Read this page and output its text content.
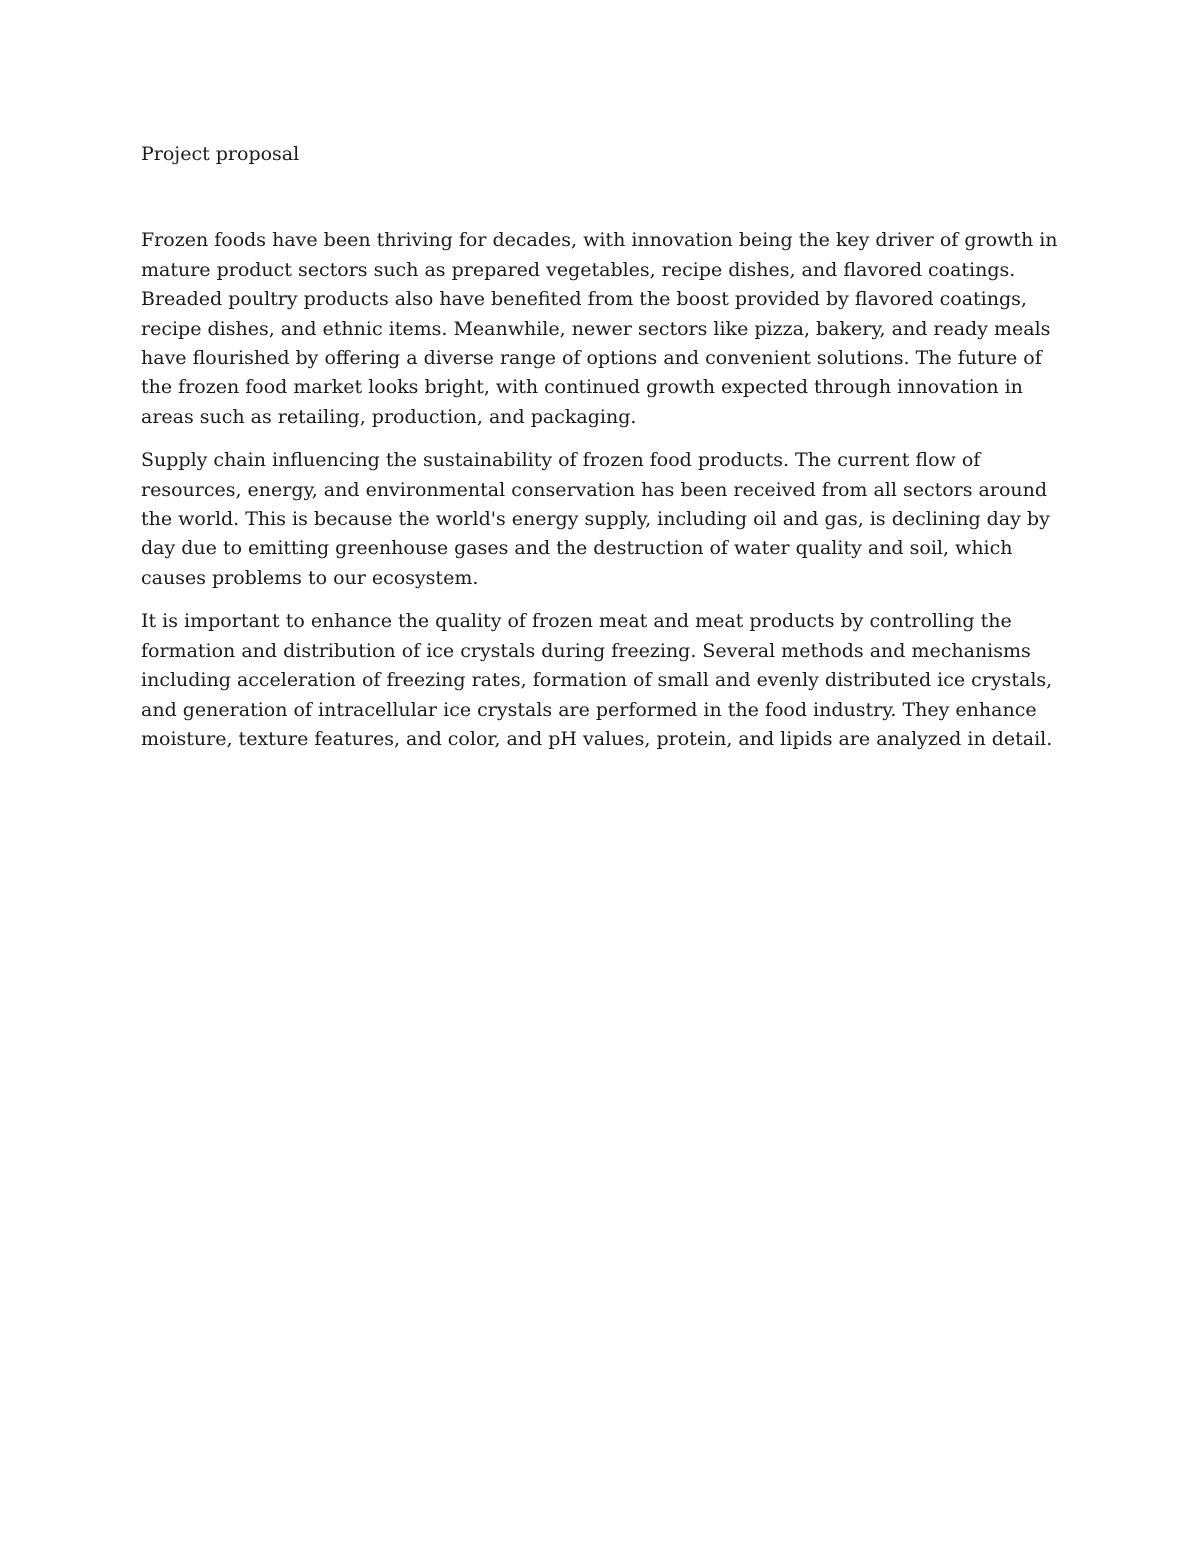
Project proposal

Frozen foods have been thriving for decades, with innovation being the key driver of growth in mature product sectors such as prepared vegetables, recipe dishes, and flavored coatings. Breaded poultry products also have benefited from the boost provided by flavored coatings, recipe dishes, and ethnic items. Meanwhile, newer sectors like pizza, bakery, and ready meals have flourished by offering a diverse range of options and convenient solutions. The future of the frozen food market looks bright, with continued growth expected through innovation in areas such as retailing, production, and packaging.

Supply chain influencing the sustainability of frozen food products. The current flow of resources, energy, and environmental conservation has been received from all sectors around the world. This is because the world's energy supply, including oil and gas, is declining day by day due to emitting greenhouse gases and the destruction of water quality and soil, which causes problems to our ecosystem.

It is important to enhance the quality of frozen meat and meat products by controlling the formation and distribution of ice crystals during freezing. Several methods and mechanisms including acceleration of freezing rates, formation of small and evenly distributed ice crystals, and generation of intracellular ice crystals are performed in the food industry. They enhance moisture, texture features, and color, and pH values, protein, and lipids are analyzed in detail.
